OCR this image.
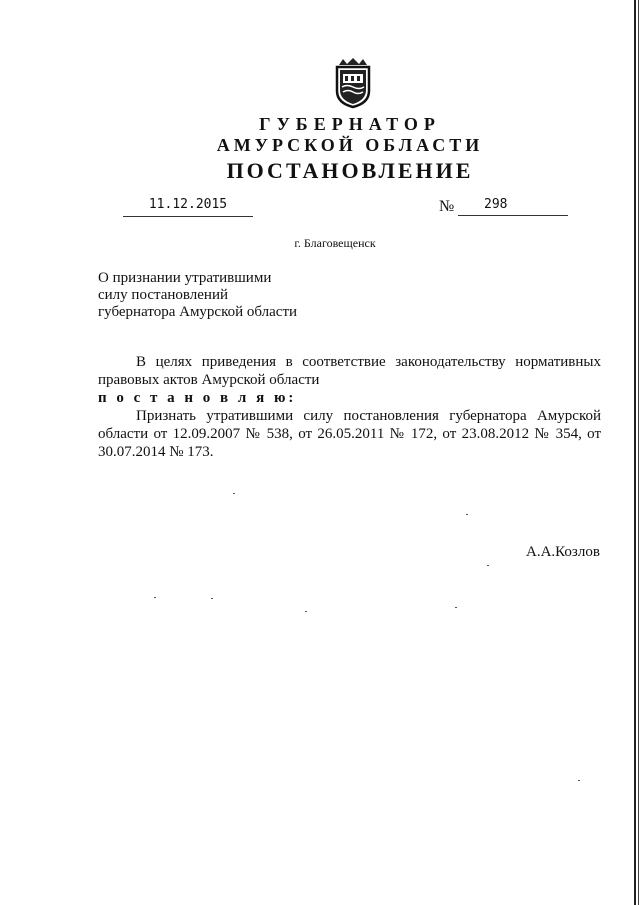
ГУБЕРНАТОР
АМУРСКОЙ ОБЛАСТИ
ПОСТАНОВЛЕНИЕ
11.12.2015	№	298
г. Благовещенск
О признании утратившими
силу постановлений
губернатора Амурской области
В целях приведения в соответствие законодательству нормативных правовых актов Амурской области
п о с т а н о в л я ю:
Признать утратившими силу постановления губернатора Амурской области от 12.09.2007 № 538, от 26.05.2011 № 172, от 23.08.2012 № 354, от 30.07.2014 № 173.
А.А.Козлов
